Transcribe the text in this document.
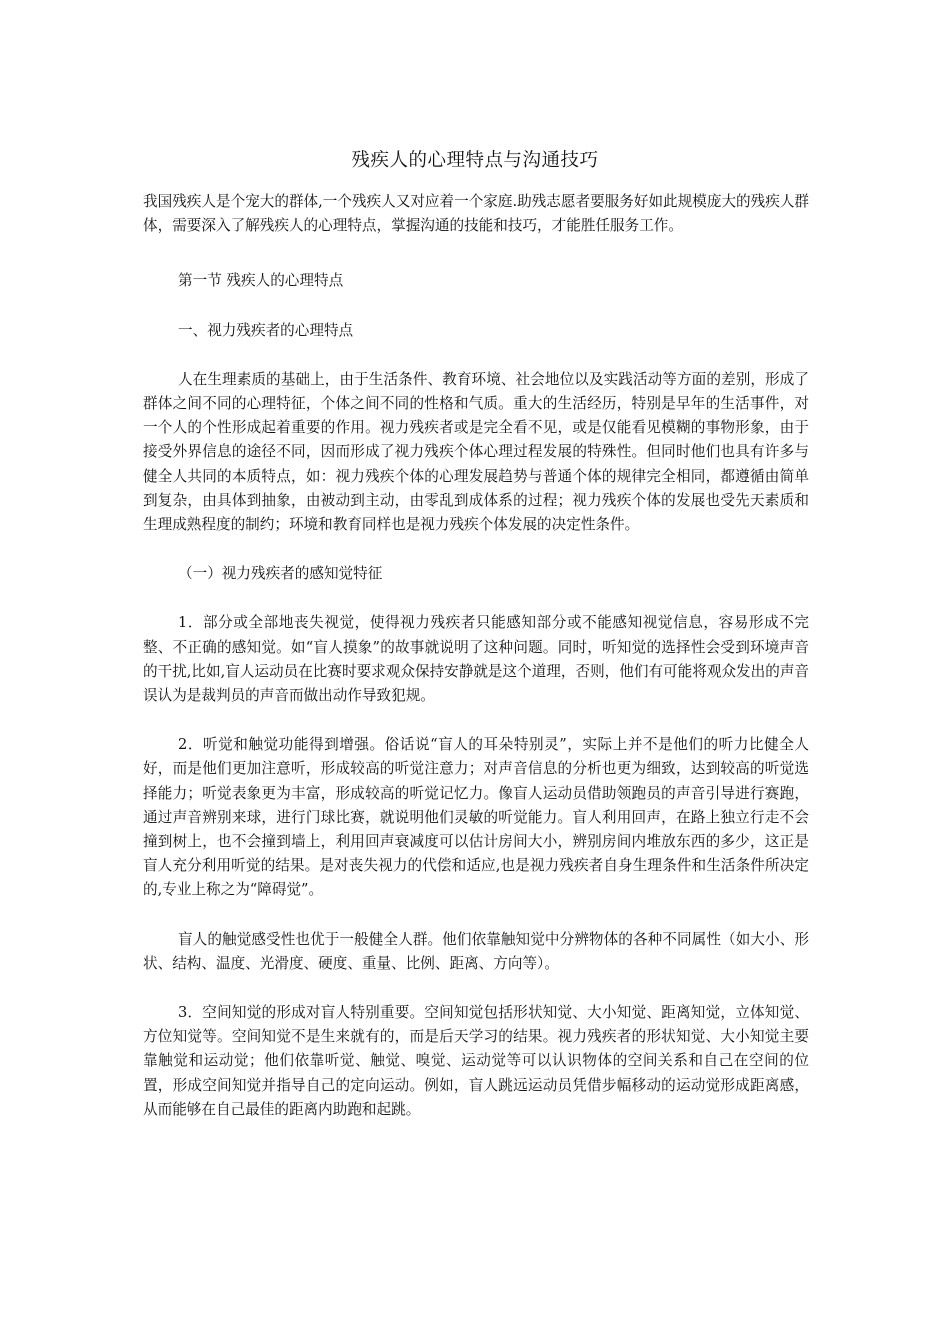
残疾人的心理特点与沟通技巧

我国残疾人是个宠大的群体,一个残疾人又对应着一个家庭.助残志愿者要服务好如此规模庞大的残疾人群体，需要深入了解残疾人的心理特点，掌握沟通的技能和技巧，才能胜任服务工作。

第一节 残疾人的心理特点

一、视力残疾者的心理特点

人在生理素质的基础上，由于生活条件、教育环境、社会地位以及实践活动等方面的差别，形成了群体之间不同的心理特征，个体之间不同的性格和气质。重大的生活经历，特别是早年的生活事件，对一个人的个性形成起着重要的作用。视力残疾者或是完全看不见，或是仅能看见模糊的事物形象，由于接受外界信息的途径不同，因而形成了视力残疾个体心理过程发展的特殊性。但同时他们也具有许多与健全人共同的本质特点，如：视力残疾个体的心理发展趋势与普通个体的规律完全相同，都遵循由简单到复杂，由具体到抽象，由被动到主动，由零乱到成体系的过程；视力残疾个体的发展也受先天素质和生理成熟程度的制约；环境和教育同样也是视力残疾个体发展的决定性条件。

（一）视力残疾者的感知觉特征

1．部分或全部地丧失视觉，使得视力残疾者只能感知部分或不能感知视觉信息，容易形成不完整、不正确的感知觉。如“盲人摸象”的故事就说明了这种问题。同时，听知觉的选择性会受到环境声音的干扰,比如,盲人运动员在比赛时要求观众保持安静就是这个道理，否则，他们有可能将观众发出的声音误认为是裁判员的声音而做出动作导致犯规。

2．听觉和触觉功能得到增强。俗话说“盲人的耳朵特别灵”，实际上并不是他们的听力比健全人好，而是他们更加注意听，形成较高的听觉注意力；对声音信息的分析也更为细致，达到较高的听觉选择能力；听觉表象更为丰富，形成较高的听觉记忆力。像盲人运动员借助领跑员的声音引导进行赛跑，通过声音辨别来球，进行门球比赛，就说明他们灵敏的听觉能力。盲人利用回声，在路上独立行走不会撞到树上，也不会撞到墙上，利用回声衰减度可以估计房间大小，辨别房间内堆放东西的多少，这正是盲人充分利用听觉的结果。是对丧失视力的代偿和适应,也是视力残疾者自身生理条件和生活条件所决定的,专业上称之为“障碍觉”。

盲人的触觉感受性也优于一般健全人群。他们依靠触知觉中分辨物体的各种不同属性（如大小、形状、结构、温度、光滑度、硬度、重量、比例、距离、方向等）。

3．空间知觉的形成对盲人特别重要。空间知觉包括形状知觉、大小知觉、距离知觉，立体知觉、方位知觉等。空间知觉不是生来就有的，而是后天学习的结果。视力残疾者的形状知觉、大小知觉主要靠触觉和运动觉；他们依靠听觉、触觉、嗅觉、运动觉等可以认识物体的空间关系和自己在空间的位置，形成空间知觉并指导自己的定向运动。例如，盲人跳远运动员凭借步幅移动的运动觉形成距离感，从而能够在自己最佳的距离内助跑和起跳。
